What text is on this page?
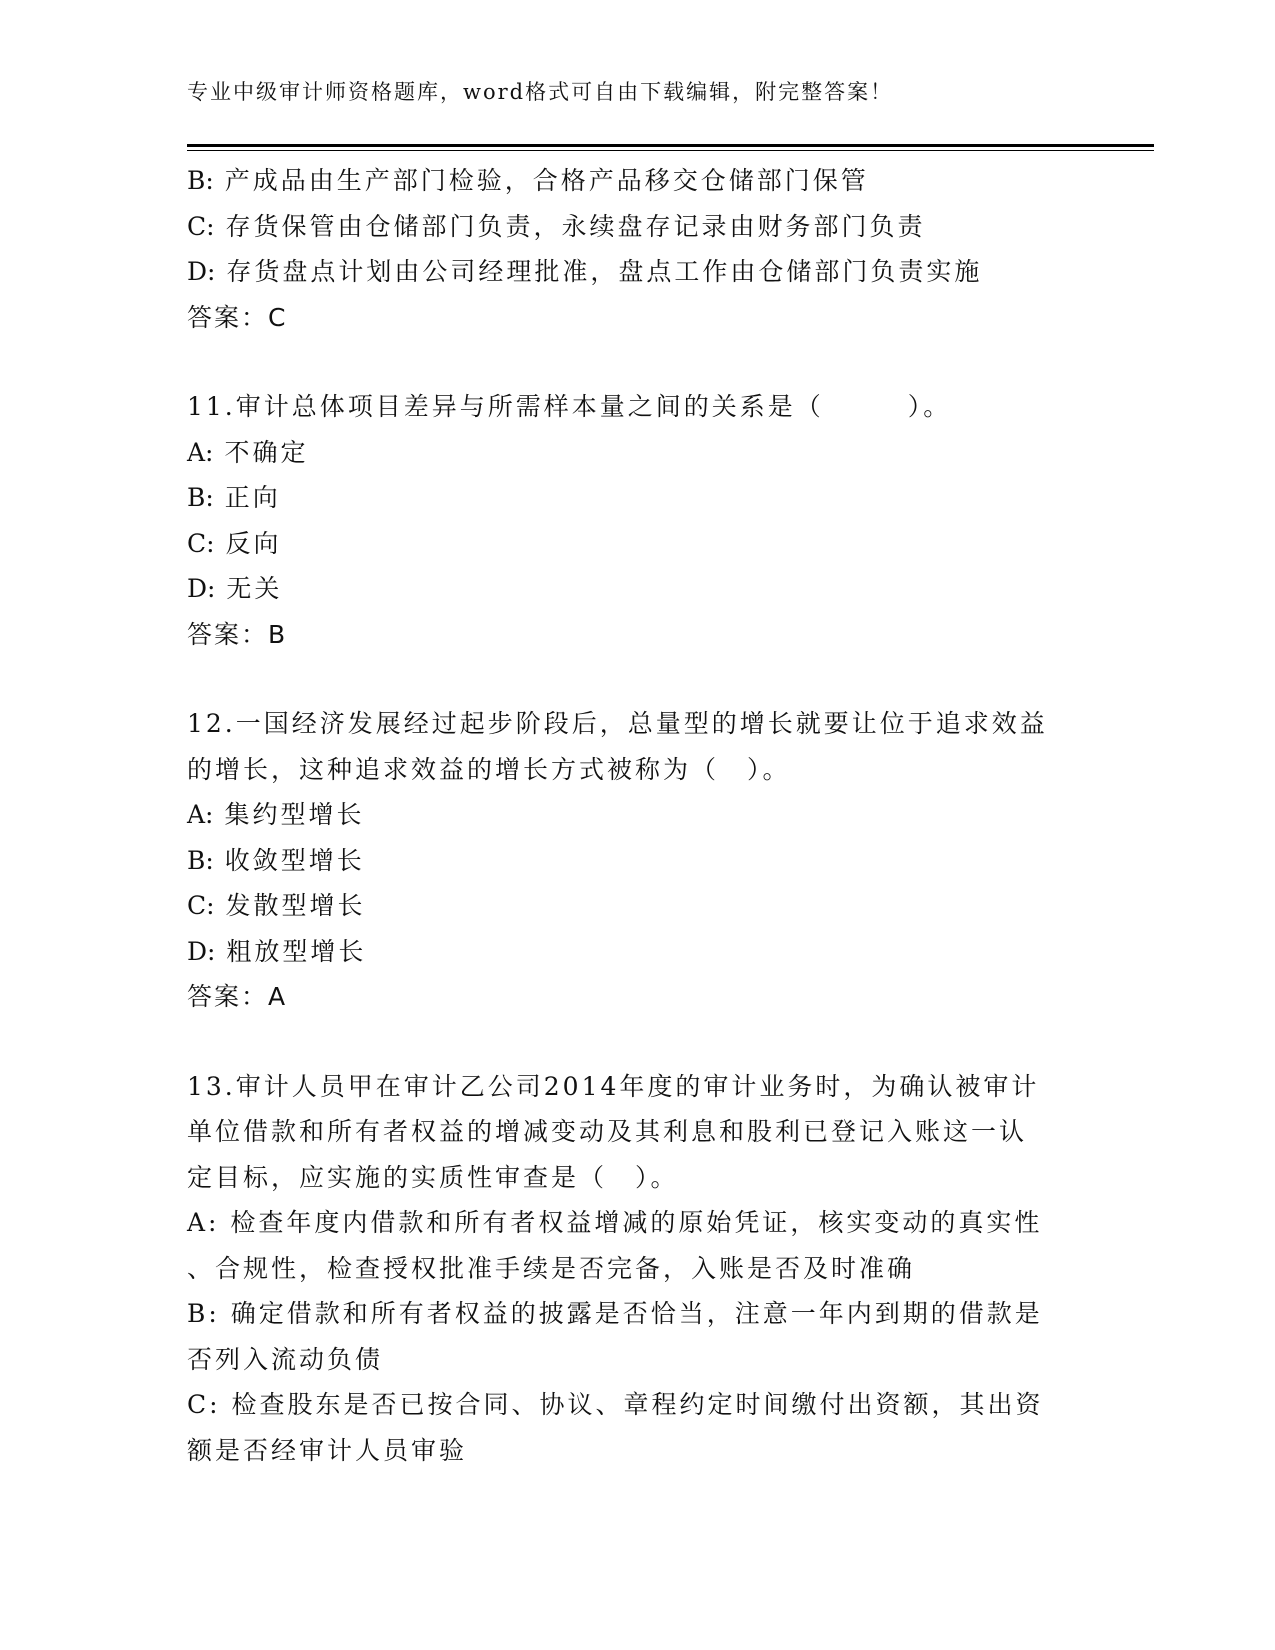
专业中级审计师资格题库，word格式可自由下载编辑，附完整答案！
B: 产成品由生产部门检验，合格产品移交仓储部门保管
C: 存货保管由仓储部门负责，永续盘存记录由财务部门负责
D: 存货盘点计划由公司经理批准，盘点工作由仓储部门负责实施
答案：C
11.审计总体项目差异与所需样本量之间的关系是（　　　）。
A: 不确定
B: 正向
C: 反向
D: 无关
答案：B
12.一国经济发展经过起步阶段后，总量型的增长就要让位于追求效益
的增长，这种追求效益的增长方式被称为（　）。
A: 集约型增长
B: 收敛型增长
C: 发散型增长
D: 粗放型增长
答案：A
13.审计人员甲在审计乙公司2014年度的审计业务时，为确认被审计
单位借款和所有者权益的增减变动及其利息和股利已登记入账这一认
定目标，应实施的实质性审查是（　）。
A: 检查年度内借款和所有者权益增减的原始凭证，核实变动的真实性
、合规性，检查授权批准手续是否完备，入账是否及时准确
B: 确定借款和所有者权益的披露是否恰当，注意一年内到期的借款是
否列入流动负债
C: 检查股东是否已按合同、协议、章程约定时间缴付出资额，其出资
额是否经审计人员审验
